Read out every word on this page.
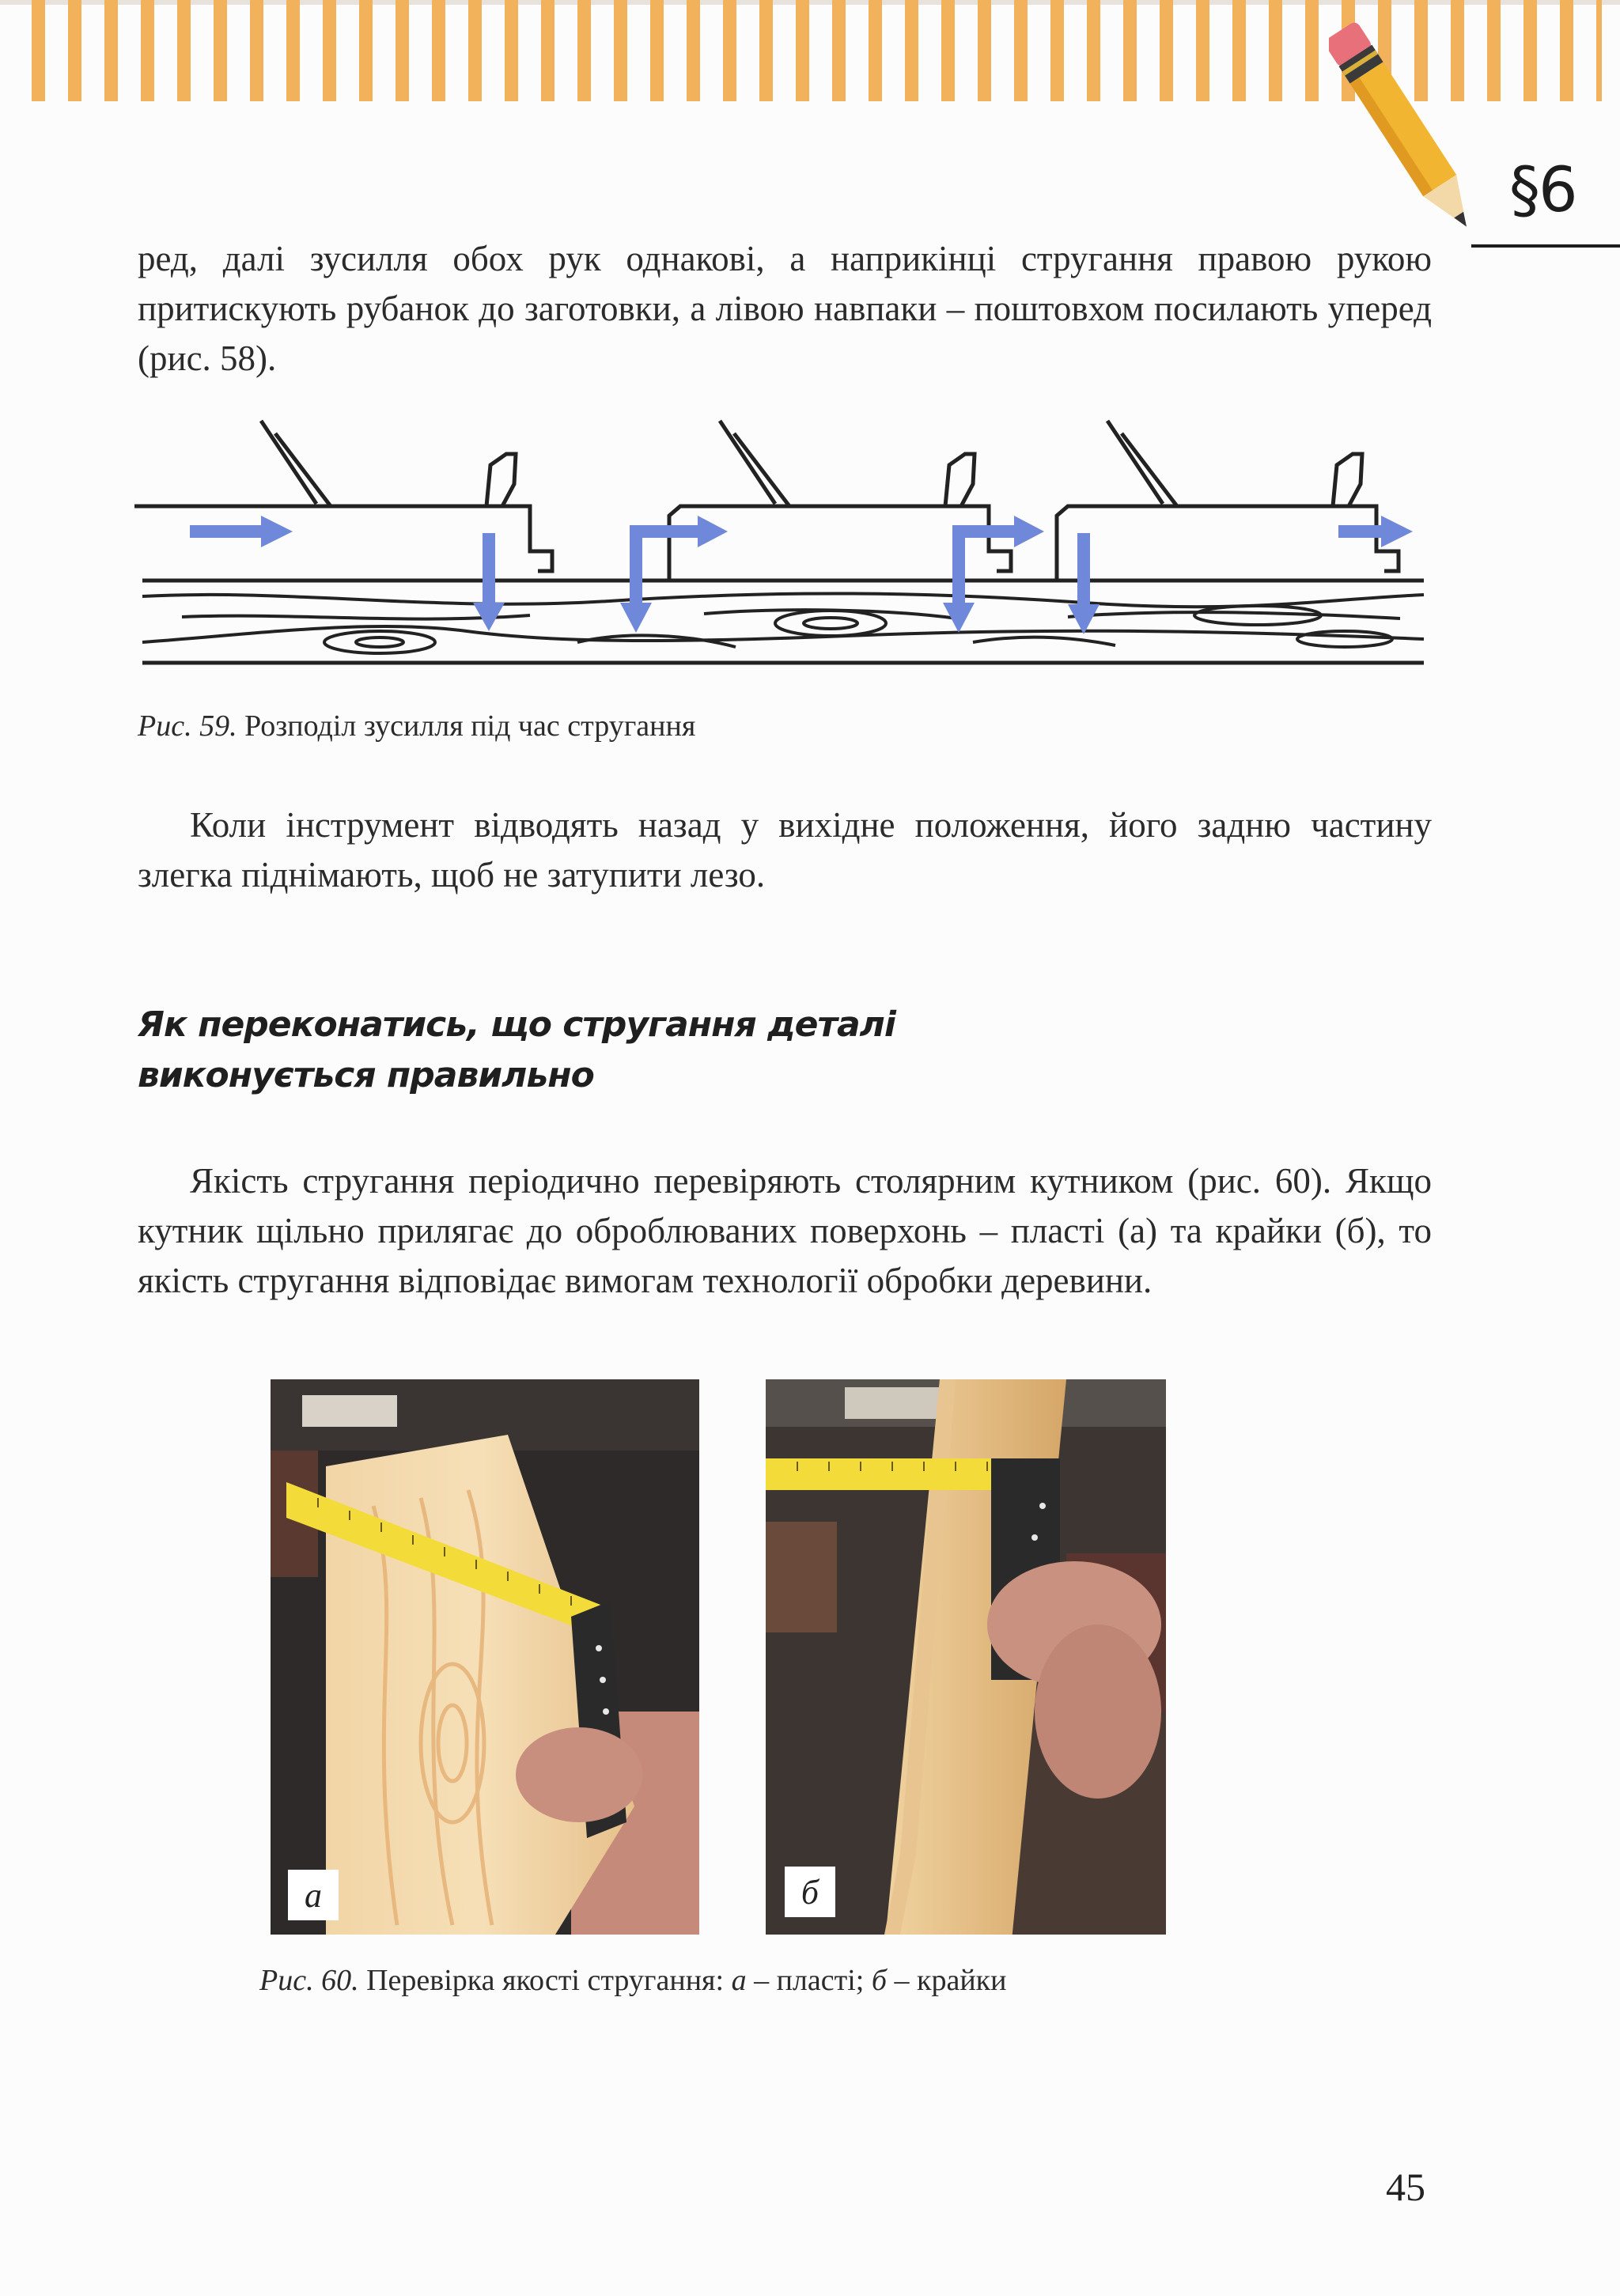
§6

ред, далі зусилля обох рук однакові, а наприкінці стругання правою рукою притискують рубанок до заготовки, а лівою навпаки – поштовхом посилають уперед (рис. 58).

Рис. 59. Розподіл зусилля під час стругання

Коли інструмент відводять назад у вихідне положення, його задню частину злегка піднімають, щоб не затупити лезо.

Як переконатись, що стругання деталі
виконується правильно

Якість стругання періодично перевіряють столярним кутником (рис. 60). Якщо кутник щільно прилягає до оброблюваних поверхонь – пласті (а) та крайки (б), то якість стругання відповідає вимогам технології обробки деревини.

а	б
Рис. 60. Перевірка якості стругання: а – пласті; б – крайки
45
